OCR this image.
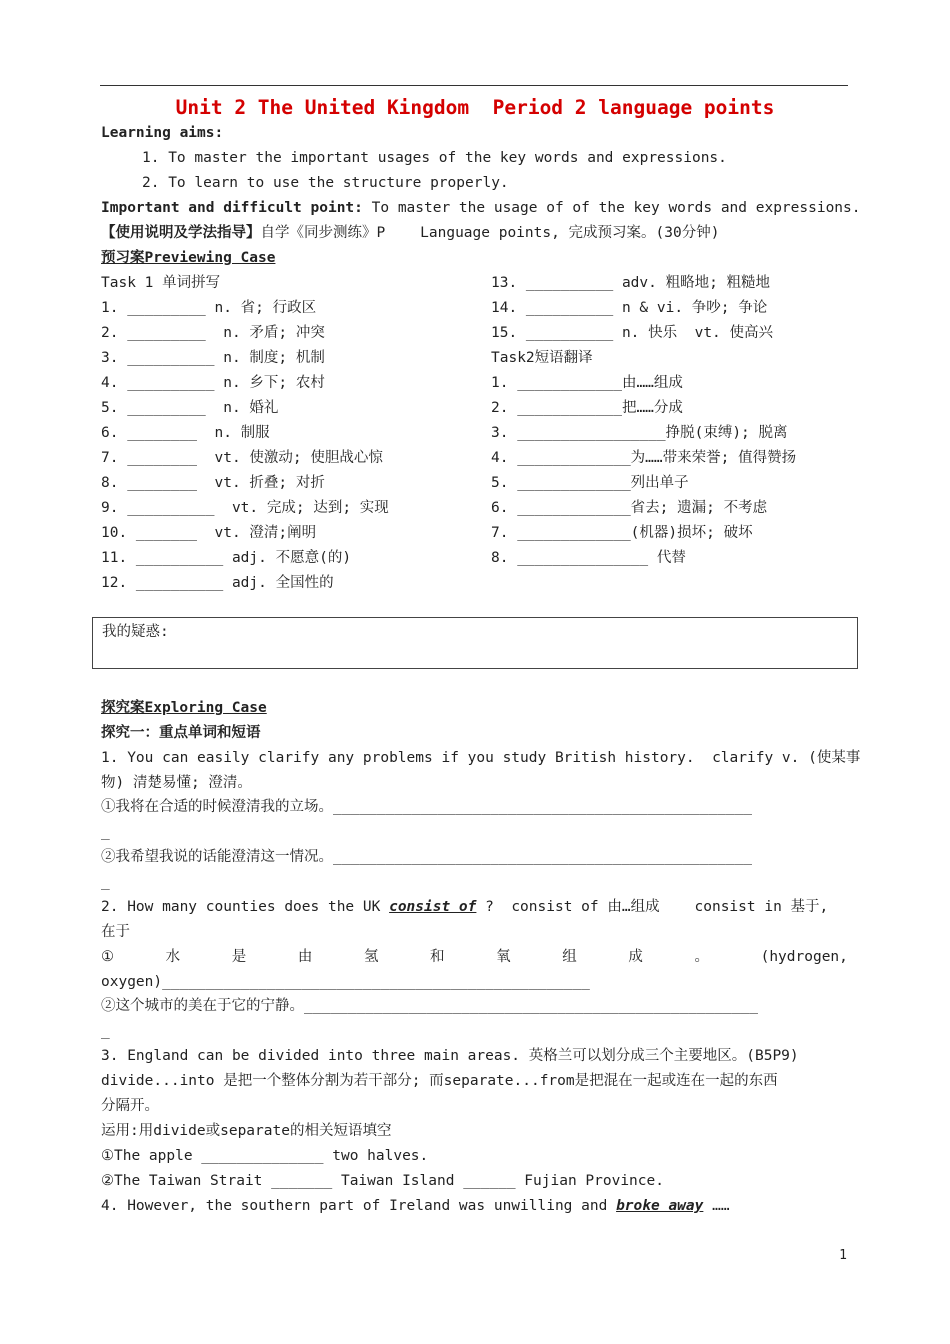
Unit 2 The United Kingdom  Period 2 language points
Learning aims:
1. To master the important usages of the key words and expressions.
2. To learn to use the structure properly.
Important and difficult point: To master the usage of of the key words and expressions.
【使用说明及学法指导】自学《同步测练》P    Language points, 完成预习案。(30分钟)
预习案Previewing Case
Task 1 单词拼写
1. _________ n. 省; 行政区
2. _________  n. 矛盾; 冲突
3. __________ n. 制度; 机制
4. __________ n. 乡下; 农村
5. _________  n. 婚礼
6. ________  n. 制服
7. ________  vt. 使激动; 使胆战心惊
8. ________  vt. 折叠; 对折
9. __________  vt. 完成; 达到; 实现
10. _______  vt. 澄清;阐明
11. __________ adj. 不愿意(的)
12. __________ adj. 全国性的
13. __________ adv. 粗略地; 粗糙地
14. __________ n & vi. 争吵; 争论
15. __________ n. 快乐  vt. 使高兴
Task2短语翻译
1. ____________由……组成
2. ____________把……分成
3. _________________挣脱(束缚); 脱离
4. _____________为……带来荣誉; 值得赞扬
5. _____________列出单子
6. _____________省去; 遗漏; 不考虑
7. _____________(机器)损坏; 破坏
8. _______________ 代替
我的疑惑:
探究案Exploring Case
探究一：重点单词和短语
1. You can easily clarify any problems if you study British history.  clarify v. (使某事
物) 清楚易懂; 澄清。
①我将在合适的时候澄清我的立场。________________________________________________
_
②我希望我说的话能澄清这一情况。________________________________________________
_
2. How many counties does the UK consist of ?  consist of 由…组成    consist in 基于,
在于
①	水	是	由	氢	和	氧	组	成	。	(hydrogen,
oxygen)_________________________________________________
②这个城市的美在于它的宁静。____________________________________________________
_
3. England can be divided into three main areas. 英格兰可以划分成三个主要地区。(B5P9)
divide...into 是把一个整体分割为若干部分; 而separate...from是把混在一起或连在一起的东西
分隔开。
运用:用divide或separate的相关短语填空
①The apple ______________ two halves.
②The Taiwan Strait _______ Taiwan Island ______ Fujian Province.
4. However, the southern part of Ireland was unwilling and broke away ……
1
